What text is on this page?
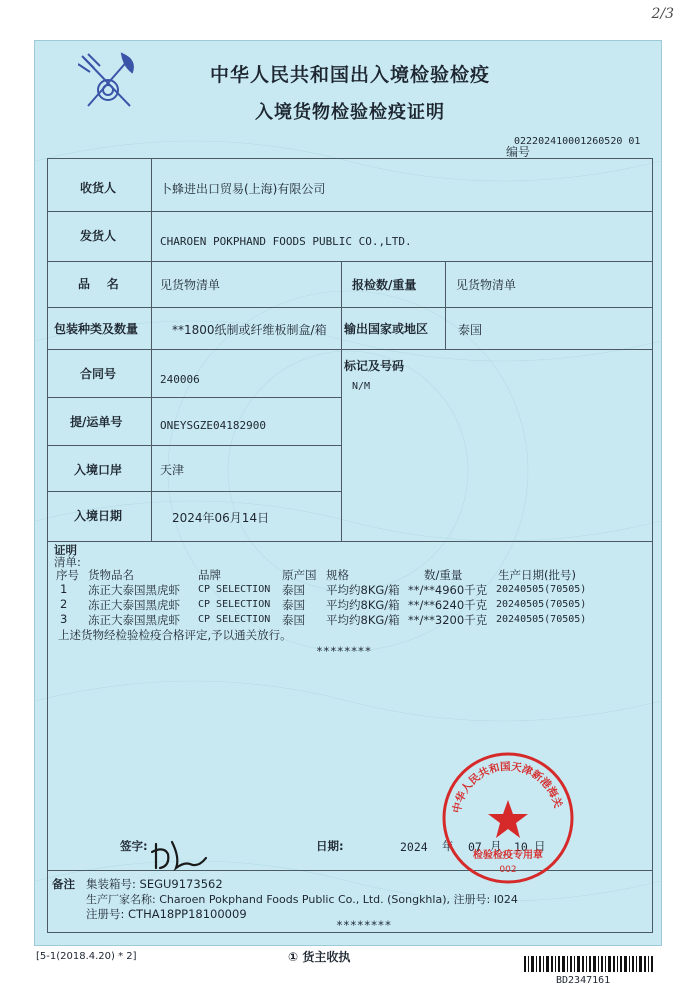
2/3
中华人民共和国出入境检验检疫
入境货物检验检疫证明
编号
022202410001260520 01
收货人	卜蜂进出口贸易(上海)有限公司
发货人	CHAROEN POKPHAND FOODS PUBLIC CO.,LTD.
品    名	见货物清单	报检数/重量	见货物清单
包装种类及数量	**1800纸制或纤维板制盒/箱 输出国家或地区 泰国
合同号	240006
标记及号码
N/M
提/运单号	ONEYSGZE04182900
入境口岸	天津
入境日期	2024年06月14日
证明
清单:
序号 货物品名	品牌	原产国 规格	数/重量	生产日期(批号)
1 冻正大泰国黑虎虾 CP SELECTION 泰国 平均约8KG/箱 **/**4960千克 20240505(70505)
2 冻正大泰国黑虎虾 CP SELECTION 泰国 平均约8KG/箱 **/**6240千克 20240505(70505)
3 冻正大泰国黑虎虾 CP SELECTION 泰国 平均约8KG/箱 **/**3200千克 20240505(70505)
上述货物经检验检疫合格评定,予以通关放行。
********
签字:	日期:	2024 年 07 月 10 日
中华人民共和国天津新港海关
检验检疫专用章
002
备注 集装箱号: SEGU9173562
生产厂家名称: Charoen Pokphand Foods Public Co., Ltd. (Songkhla), 注册号: I024
注册号: CTHA18PP18100009
********
[5-1(2018.4.20) * 2]	① 货主收执
BD2347161
